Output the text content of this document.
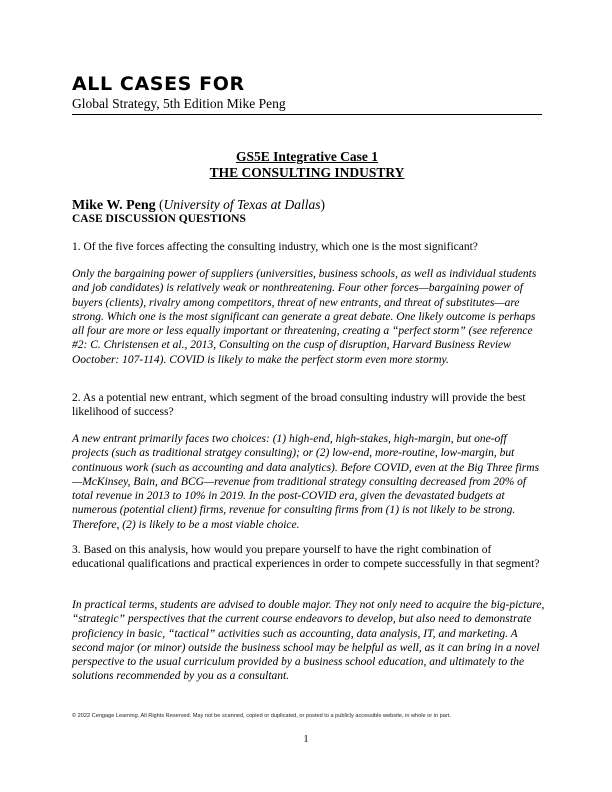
ALL CASES FOR
Global Strategy, 5th Edition Mike Peng
GS5E Integrative Case 1
THE CONSULTING INDUSTRY
Mike W. Peng (University of Texas at Dallas)
CASE DISCUSSION QUESTIONS
1. Of the five forces affecting the consulting industry, which one is the most significant?
Only the bargaining power of suppliers (universities, business schools, as well as individual students and job candidates) is relatively weak or nonthreatening. Four other forces—bargaining power of buyers (clients), rivalry among competitors, threat of new entrants, and threat of substitutes—are strong. Which one is the most significant can generate a great debate. One likely outcome is perhaps all four are more or less equally important or threatening, creating a “perfect storm” (see reference #2: C. Christensen et al., 2013, Consulting on the cusp of disruption, Harvard Business Review Ooctober: 107-114). COVID is likely to make the perfect storm even more stormy.
2. As a potential new entrant, which segment of the broad consulting industry will provide the best likelihood of success?
A new entrant primarily faces two choices: (1) high-end, high-stakes, high-margin, but one-off projects (such as traditional stratgey consulting); or (2) low-end, more-routine, low-margin, but continuous work (such as accounting and data analytics). Before COVID, even at the Big Three firms—McKinsey, Bain, and BCG—revenue from traditional strategy consulting decreased from 20% of total revenue in 2013 to 10% in 2019. In the post-COVID era, given the devastated budgets at numerous (potential client) firms, revenue for consulting firms from (1) is not likely to be strong. Therefore, (2) is likely to be a most viable choice.
3. Based on this analysis, how would you prepare yourself to have the right combination of educational qualifications and practical experiences in order to compete successfully in that segment?
In practical terms, students are advised to double major. They not only need to acquire the big-picture, “strategic” perspectives that the current course endeavors to develop, but also need to demonstrate proficiency in basic, “tactical” activities such as accounting, data analysis, IT, and marketing. A second major (or minor) outside the business school may be helpful as well, as it can bring in a novel perspective to the usual curriculum provided by a business school education, and ultimately to the solutions recommended by you as a consultant.
© 2022 Cengage Learning. All Rights Reserved. May not be scanned, copied or duplicated, or posted to a publicly accessible website, in whole or in part.
1
